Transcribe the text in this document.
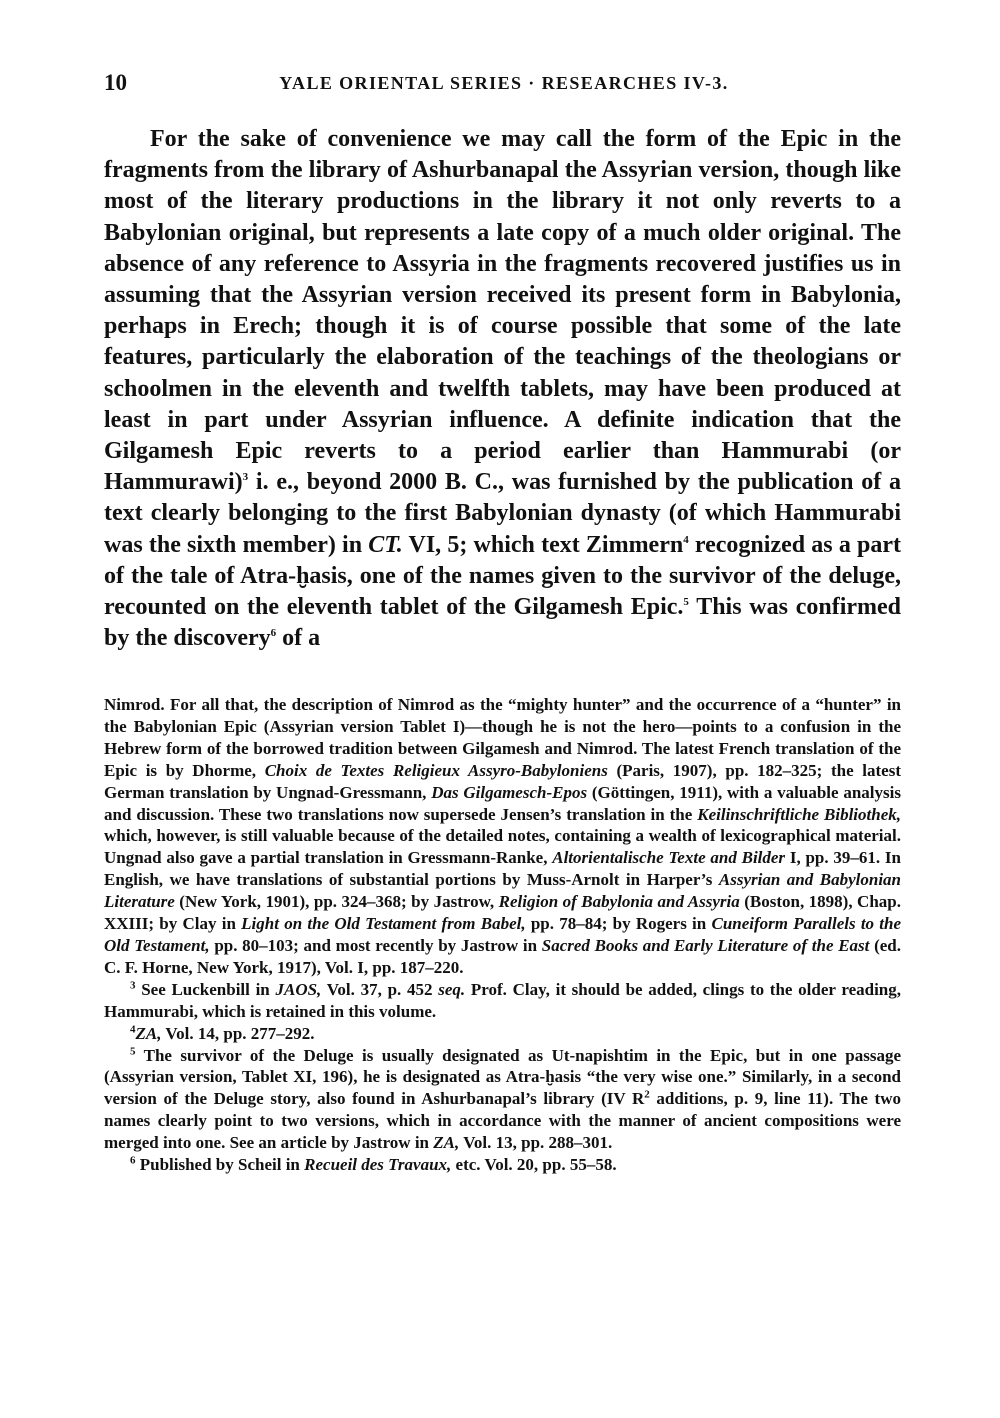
10	YALE ORIENTAL SERIES · RESEARCHES IV-3.

For the sake of convenience we may call the form of the Epic in the fragments from the library of Ashurbanapal the Assyrian version, though like most of the literary productions in the library it not only reverts to a Babylonian original, but represents a late copy of a much older original. The absence of any reference to Assyria in the fragments recovered justifies us in assuming that the Assyrian version received its present form in Babylonia, perhaps in Erech; though it is of course possible that some of the late features, particularly the elaboration of the teachings of the theologians or schoolmen in the eleventh and twelfth tablets, may have been produced at least in part under Assyrian influence. A definite indication that the Gilgamesh Epic reverts to a period earlier than Hammurabi (or Hammurawi)$^3$ i. e., beyond 2000 B. C., was furnished by the publication of a text clearly belonging to the first Babylonian dynasty (of which Hammurabi was the sixth member) in CT. VI, 5; which text Zimmern$^4$ recognized as a part of the tale of Atra-ḫasis, one of the names given to the survivor of the deluge, recounted on the eleventh tablet of the Gilgamesh Epic.$^5$ This was confirmed by the discovery$^6$ of a

Nimrod. For all that, the description of Nimrod as the “mighty hunter” and the occurrence of a “hunter” in the Babylonian Epic (Assyrian version Tablet I)—though he is not the hero—points to a confusion in the Hebrew form of the borrowed tradition between Gilgamesh and Nimrod. The latest French translation of the Epic is by Dhorme, Choix de Textes Religieux Assyro-Babyloniens (Paris, 1907), pp. 182–325; the latest German translation by Ungnad-Gressmann, Das Gilgamesch-Epos (Göttingen, 1911), with a valuable analysis and discussion. These two translations now supersede Jensen’s translation in the Keilinschriftliche Bibliothek, which, however, is still valuable because of the detailed notes, containing a wealth of lexicographical material. Ungnad also gave a partial translation in Gressmann-Ranke, Altorientalische Texte and Bilder I, pp. 39–61. In English, we have translations of substantial portions by Muss-Arnolt in Harper’s Assyrian and Babylonian Literature (New York, 1901), pp. 324–368; by Jastrow, Religion of Babylonia and Assyria (Boston, 1898), Chap. XXIII; by Clay in Light on the Old Testament from Babel, pp. 78–84; by Rogers in Cuneiform Parallels to the Old Testament, pp. 80–103; and most recently by Jastrow in Sacred Books and Early Literature of the East (ed. C. F. Horne, New York, 1917), Vol. I, pp. 187–220.

$^3$ See Luckenbill in JAOS, Vol. 37, p. 452 seq. Prof. Clay, it should be added, clings to the older reading, Hammurabi, which is retained in this volume.

$^4$ZA, Vol. 14, pp. 277–292.

$^5$ The survivor of the Deluge is usually designated as Ut-napishtim in the Epic, but in one passage (Assyrian version, Tablet XI, 196), he is designated as Atra-ḫasis “the very wise one.” Similarly, in a second version of the Deluge story, also found in Ashurbanapal’s library (IV $R^2$ additions, p. 9, line 11). The two names clearly point to two versions, which in accordance with the manner of ancient compositions were merged into one. See an article by Jastrow in ZA, Vol. 13, pp. 288–301.

$^6$ Published by Scheil in Recueil des Travaux, etc. Vol. 20, pp. 55–58.
